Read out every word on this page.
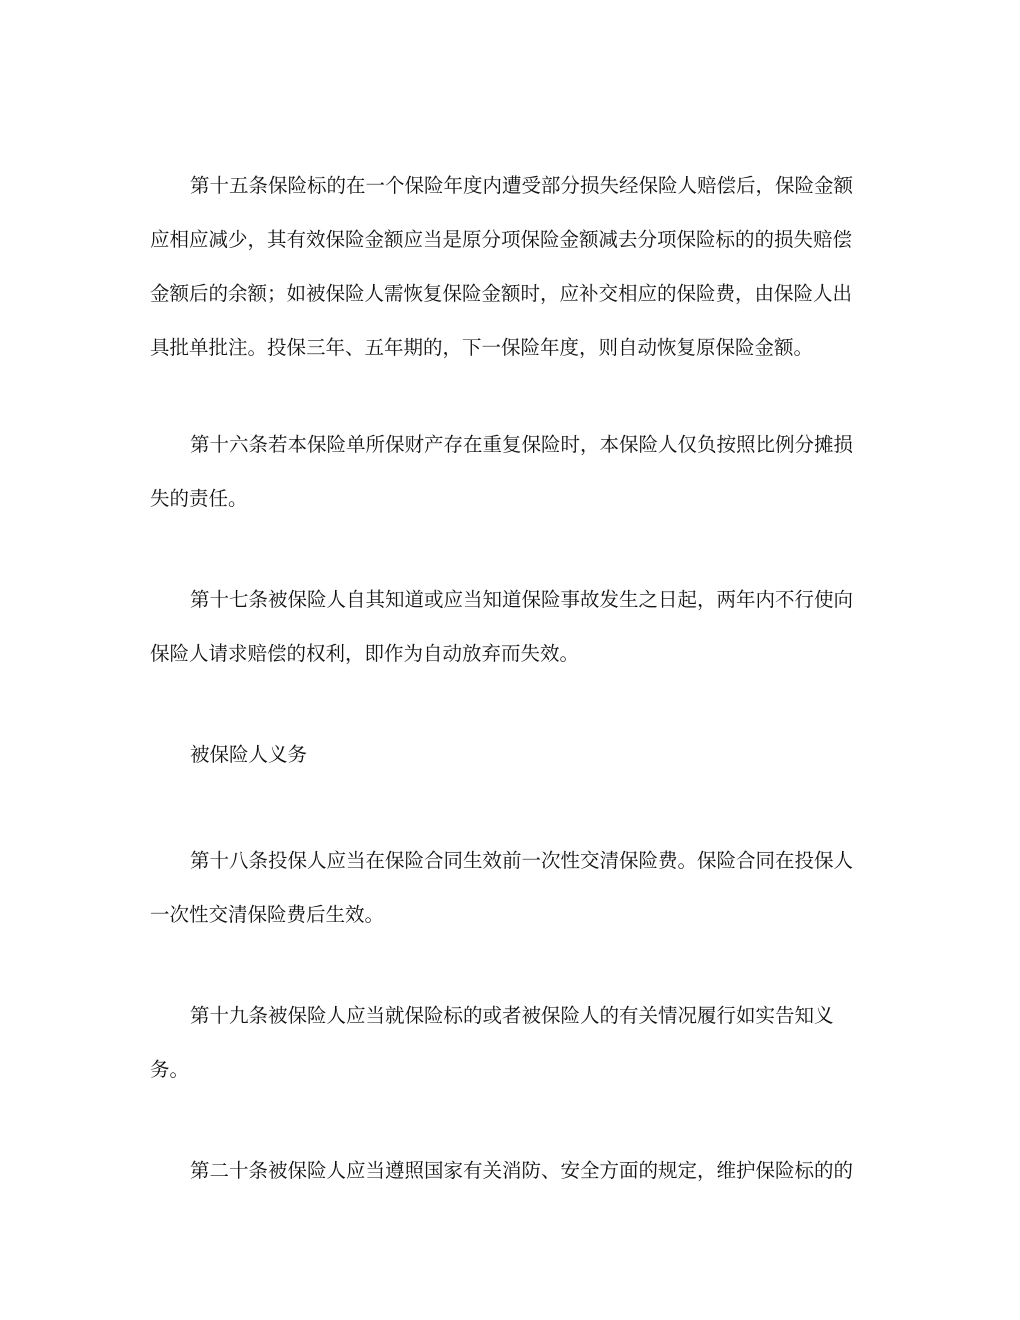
第十五条保险标的在一个保险年度内遭受部分损失经保险人赔偿后，保险金额
应相应减少，其有效保险金额应当是原分项保险金额减去分项保险标的的损失赔偿
金额后的余额；如被保险人需恢复保险金额时，应补交相应的保险费，由保险人出
具批单批注。投保三年、五年期的，下一保险年度，则自动恢复原保险金额。
第十六条若本保险单所保财产存在重复保险时，本保险人仅负按照比例分摊损
失的责任。
第十七条被保险人自其知道或应当知道保险事故发生之日起，两年内不行使向
保险人请求赔偿的权利，即作为自动放弃而失效。
被保险人义务
第十八条投保人应当在保险合同生效前一次性交清保险费。保险合同在投保人
一次性交清保险费后生效。
第十九条被保险人应当就保险标的或者被保险人的有关情况履行如实告知义
务。
第二十条被保险人应当遵照国家有关消防、安全方面的规定，维护保险标的的
